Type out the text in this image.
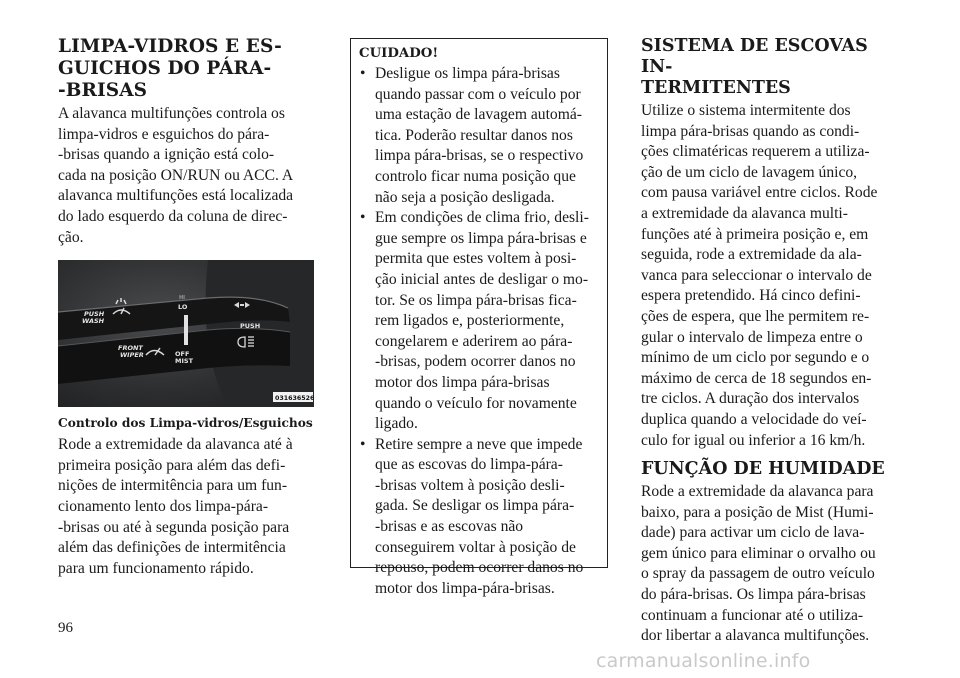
LIMPA-VIDROS E ES-
GUICHOS DO PÁRA-
-BRISAS

A alavanca multifunções controla os
limpa-vidros e esguichos do pára-
-brisas quando a ignição está colo-
cada na posição ON/RUN ou ACC. A
alavanca multifunções está localizada
do lado esquerdo da coluna de direc-
ção.

PUSH
WASH
FRONT
WIPER	OFF
MIST
HI
LO
PUSH
031636526
Controlo dos Limpa-vidros/Esguichos

Rode a extremidade da alavanca até à
primeira posição para além das defi-
nições de intermitência para um fun-
cionamento lento dos limpa-pára-
-brisas ou até à segunda posição para
além das definições de intermitência
para um funcionamento rápido.

CUIDADO!
• Desligue os limpa pára-brisas
quando passar com o veículo por
uma estação de lavagem automá-
tica. Poderão resultar danos nos
limpa pára-brisas, se o respectivo
controlo ficar numa posição que
não seja a posição desligada.
• Em condições de clima frio, desli-
gue sempre os limpa pára-brisas e
permita que estes voltem à posi-
ção inicial antes de desligar o mo-
tor. Se os limpa pára-brisas fica-
rem ligados e, posteriormente,
congelarem e aderirem ao pára-
-brisas, podem ocorrer danos no
motor dos limpa pára-brisas
quando o veículo for novamente
ligado.
• Retire sempre a neve que impede
que as escovas do limpa-pára-
-brisas voltem à posição desli-
gada. Se desligar os limpa pára-
-brisas e as escovas não
conseguirem voltar à posição de
repouso, podem ocorrer danos no
motor dos limpa-pára-brisas.
SISTEMA DE ESCOVAS IN-
TERMITENTES

Utilize o sistema intermitente dos
limpa pára-brisas quando as condi-
ções climatéricas requerem a utiliza-
ção de um ciclo de lavagem único,
com pausa variável entre ciclos. Rode
a extremidade da alavanca multi-
funções até à primeira posição e, em
seguida, rode a extremidade da ala-
vanca para seleccionar o intervalo de
espera pretendido. Há cinco defini-
ções de espera, que lhe permitem re-
gular o intervalo de limpeza entre o
mínimo de um ciclo por segundo e o
máximo de cerca de 18 segundos en-
tre ciclos. A duração dos intervalos
duplica quando a velocidade do veí-
culo for igual ou inferior a 16 km/h.

FUNÇÃO DE HUMIDADE

Rode a extremidade da alavanca para
baixo, para a posição de Mist (Humi-
dade) para activar um ciclo de lava-
gem único para eliminar o orvalho ou
o spray da passagem de outro veículo
do pára-brisas. Os limpa pára-brisas
continuam a funcionar até o utiliza-
dor libertar a alavanca multifunções.

96
carmanualsonline.info
